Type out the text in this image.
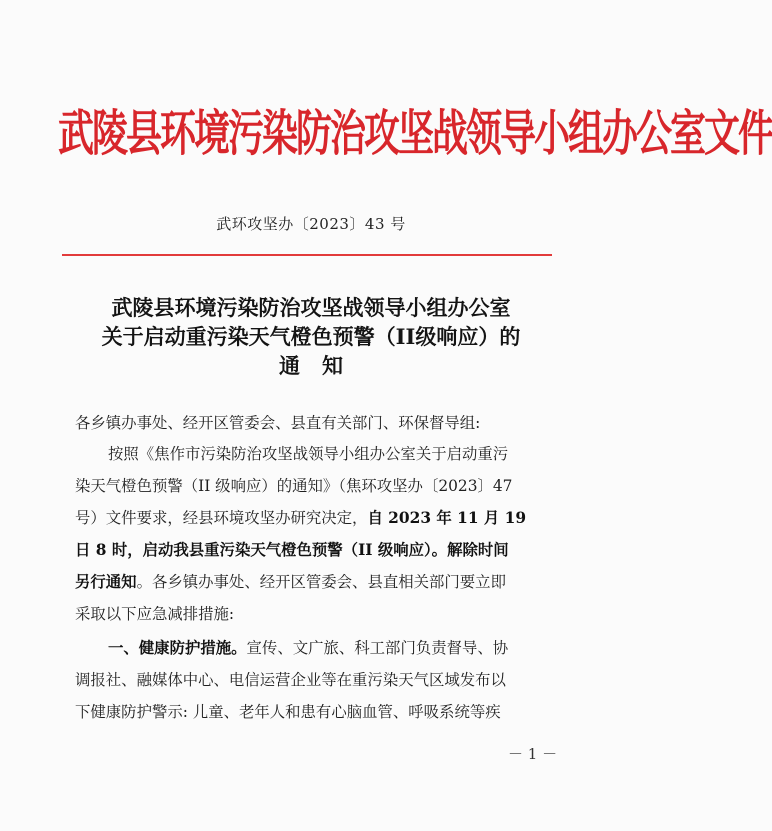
武陵县环境污染防治攻坚战领导小组办公室文件
武环攻坚办〔2023〕43 号
武陵县环境污染防治攻坚战领导小组办公室
关于启动重污染天气橙色预警（II级响应）的
通知
各乡镇办事处、经开区管委会、县直有关部门、环保督导组:
按照《焦作市污染防治攻坚战领导小组办公室关于启动重污
染天气橙色预警（II 级响应）的通知》（焦环攻坚办〔2023〕47
号）文件要求，经县环境攻坚办研究决定，自 2023 年 11 月 19
日 8 时，启动我县重污染天气橙色预警（II 级响应）。解除时间
另行通知。各乡镇办事处、经开区管委会、县直相关部门要立即
采取以下应急减排措施:
一、健康防护措施。宣传、文广旅、科工部门负责督导、协
调报社、融媒体中心、电信运营企业等在重污染天气区域发布以
下健康防护警示: 儿童、老年人和患有心脑血管、呼吸系统等疾
－ 1 －
